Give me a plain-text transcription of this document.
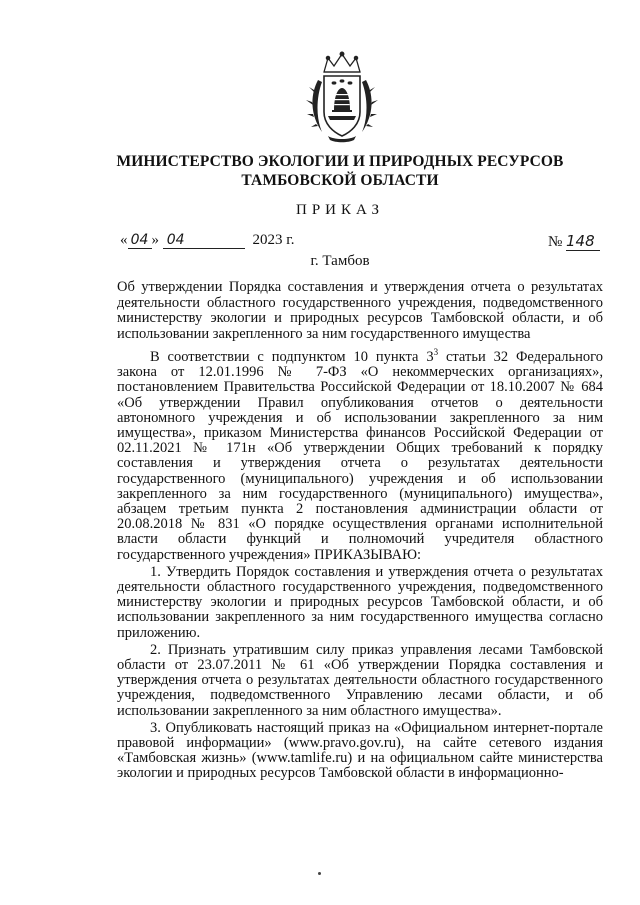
МИНИСТЕРСТВО ЭКОЛОГИИ И ПРИРОДНЫХ РЕСУРСОВ
ТАМБОВСКОЙ ОБЛАСТИ
ПРИКАЗ
« 04 » 04	2023 г.	№ 148
г. Тамбов
Об утверждении Порядка составления и утверждения отчета о результатах деятельности областного государственного учреждения, подведомственного министерству экологии и природных ресурсов Тамбовской области, и об использовании закрепленного за ним государственного имущества

В соответствии с подпунктом 10 пункта $3^3$ статьи 32 Федерального закона от 12.01.1996 № 7-ФЗ «О некоммерческих организациях», постановлением Правительства Российской Федерации от 18.10.2007 № 684 «Об утверждении Правил опубликования отчетов о деятельности автономного учреждения и об использовании закрепленного за ним имущества», приказом Министерства финансов Российской Федерации от 02.11.2021 № 171н «Об утверждении Общих требований к порядку составления и утверждения отчета о результатах деятельности государственного (муниципального) учреждения и об использовании закрепленного за ним государственного (муниципального) имущества», абзацем третьим пункта 2 постановления администрации области от 20.08.2018 № 831 «О порядке осуществления органами исполнительной власти области функций и полномочий учредителя областного государственного учреждения» ПРИКАЗЫВАЮ:

1. Утвердить Порядок составления и утверждения отчета о результатах деятельности областного государственного учреждения, подведомственного министерству экологии и природных ресурсов Тамбовской области, и об использовании закрепленного за ним государственного имущества согласно приложению.

2. Признать утратившим силу приказ управления лесами Тамбовской области от 23.07.2011 № 61 «Об утверждении Порядка составления и утверждения отчета о результатах деятельности областного государственного учреждения, подведомственного Управлению лесами области, и об использовании закрепленного за ним областного имущества».

3. Опубликовать настоящий приказ на «Официальном интернет-портале правовой информации» (www.pravo.gov.ru), на сайте сетевого издания «Тамбовская жизнь» (www.tamlife.ru) и на официальном сайте министерства экологии и природных ресурсов Тамбовской области в информационно-
